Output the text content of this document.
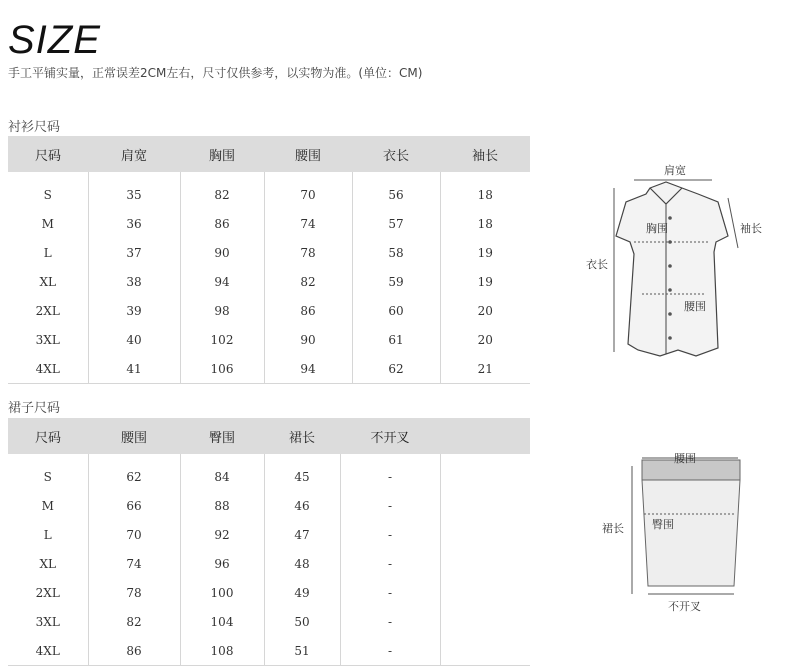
SIZE
手工平铺实量，正常误差2CM左右，尺寸仅供参考，以实物为准。(单位：CM)
衬衫尺码
尺码	肩宽	胸围	腰围	衣长	袖长

S	35	82	70	56	18
M	36	86	74	57	18
L	37	90	78	58	19
XL	38	94	82	59	19
2XL	39	98	86	60	20
3XL	40	102	90	61	20
4XL	41	106	94	62	21
裙子尺码
尺码	腰围	臀围	裙长	不开叉	

S	62	84	45	-	
M	66	88	46	-	
L	70	92	47	-	
XL	74	96	48	-	
2XL	78	100	49	-	
3XL	82	104	50	-	
4XL	86	108	51	-	
肩宽
胸围	袖长
衣长
腰围
腰围
臀围
裙长
不开叉
